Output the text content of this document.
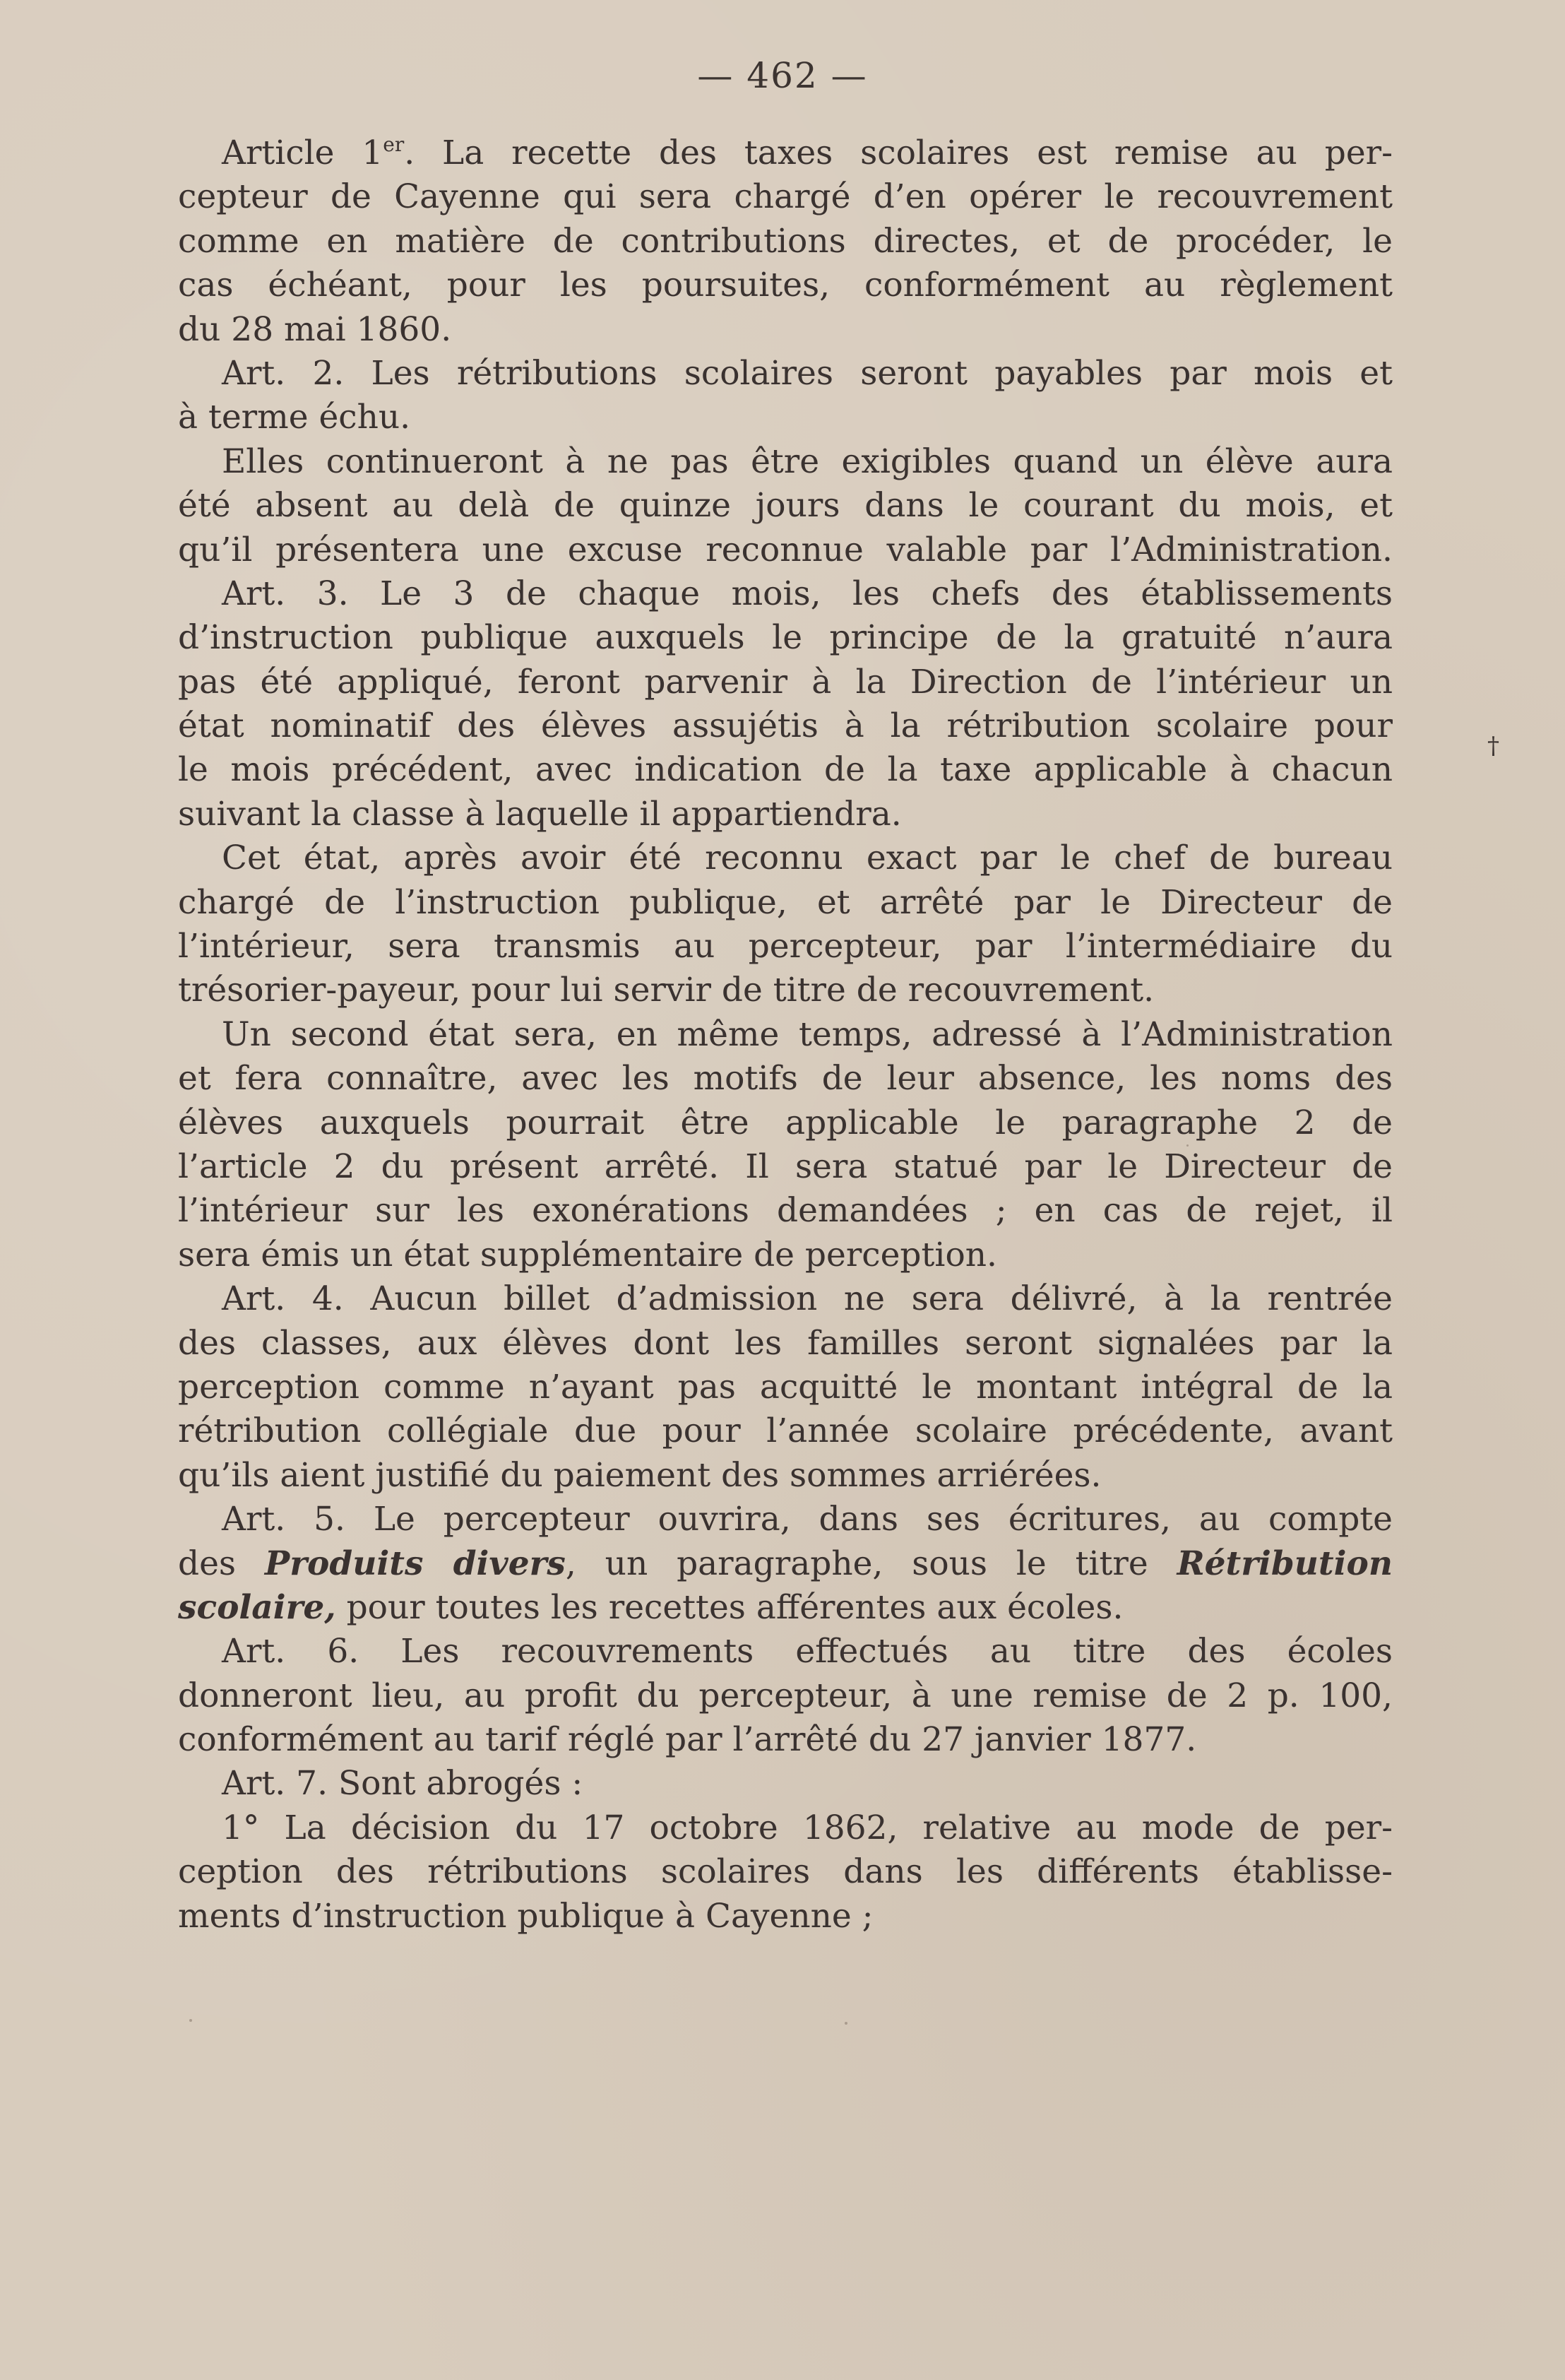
— 462 —
Article 1er. La recette des taxes scolaires est remise au per-
cepteur de Cayenne qui sera chargé d’en opérer le recouvrement
comme en matière de contributions directes, et de procéder, le
cas échéant, pour les poursuites, conformément au règlement
du 28 mai 1860.
Art. 2. Les rétributions scolaires seront payables par mois et
à terme échu.
Elles continueront à ne pas être exigibles quand un élève aura
été absent au delà de quinze jours dans le courant du mois, et
qu’il présentera une excuse reconnue valable par l’Administration.
Art. 3. Le 3 de chaque mois, les chefs des établissements
d’instruction publique auxquels le principe de la gratuité n’aura
pas été appliqué, feront parvenir à la Direction de l’intérieur un
état nominatif des élèves assujétis à la rétribution scolaire pour
le mois précédent, avec indication de la taxe applicable à chacun
suivant la classe à laquelle il appartiendra.
Cet état, après avoir été reconnu exact par le chef de bureau
chargé de l’instruction publique, et arrêté par le Directeur de
l’intérieur, sera transmis au percepteur, par l’intermédiaire du
trésorier-payeur, pour lui servir de titre de recouvrement.
Un second état sera, en même temps, adressé à l’Administration
et fera connaître, avec les motifs de leur absence, les noms des
élèves auxquels pourrait être applicable le paragraphe 2 de
l’article 2 du présent arrêté. Il sera statué par le Directeur de
l’intérieur sur les exonérations demandées ; en cas de rejet, il
sera émis un état supplémentaire de perception.
Art. 4. Aucun billet d’admission ne sera délivré, à la rentrée
des classes, aux élèves dont les familles seront signalées par la
perception comme n’ayant pas acquitté le montant intégral de la
rétribution collégiale due pour l’année scolaire précédente, avant
qu’ils aient justifié du paiement des sommes arriérées.
Art. 5. Le percepteur ouvrira, dans ses écritures, au compte
des Produits divers, un paragraphe, sous le titre Rétribution
scolaire, pour toutes les recettes afférentes aux écoles.
Art. 6. Les recouvrements effectués au titre des écoles
donneront lieu, au profit du percepteur, à une remise de 2 p. 100,
conformément au tarif réglé par l’arrêté du 27 janvier 1877.
Art. 7. Sont abrogés :
1° La décision du 17 octobre 1862, relative au mode de per-
ception des rétributions scolaires dans les différents établisse-
ments d’instruction publique à Cayenne ;
†
